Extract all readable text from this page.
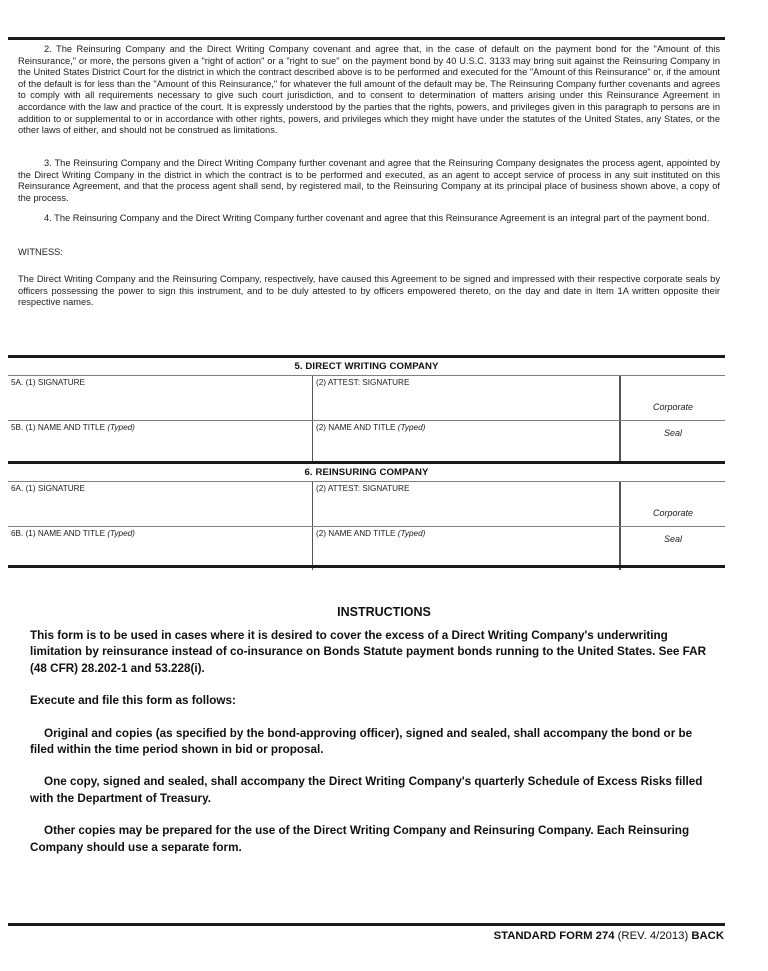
2. The Reinsuring Company and the Direct Writing Company covenant and agree that, in the case of default on the payment bond for the "Amount of this Reinsurance," or more, the persons given a "right of action" or a "right to sue" on the payment bond by 40 U.S.C. 3133 may bring suit against the Reinsuring Company in the United States District Court for the district in which the contract described above is to be performed and executed for the "Amount of this Reinsurance" or, if the amount of the default is for less than the "Amount of this Reinsurance," for whatever the full amount of the default may be. The Reinsuring Company further covenants and agrees to comply with all requirements necessary to give such court jurisdiction, and to consent to determination of matters arising under this Reinsurance Agreement in accordance with the law and practice of the court. It is expressly understood by the parties that the rights, powers, and privileges given in this paragraph to persons are in addition to or supplemental to or in accordance with other rights, powers, and privileges which they might have under the statutes of the United States, any States, or the other laws of either, and should not be construed as limitations.

3. The Reinsuring Company and the Direct Writing Company further covenant and agree that the Reinsuring Company designates the process agent, appointed by the Direct Writing Company in the district in which the contract is to be performed and executed, as an agent to accept service of process in any suit instituted on this Reinsurance Agreement, and that the process agent shall send, by registered mail, to the Reinsuring Company at its principal place of business shown above, a copy of the process.

4. The Reinsuring Company and the Direct Writing Company further covenant and agree that this Reinsurance Agreement is an integral part of the payment bond.

WITNESS:

The Direct Writing Company and the Reinsuring Company, respectively, have caused this Agreement to be signed and impressed with their respective corporate seals by officers possessing the power to sign this instrument, and to be duly attested to by officers empowered thereto, on the day and date in Item 1A written opposite their respective names.

5. DIRECT WRITING COMPANY
Corporate
Seal
5A. (1) SIGNATURE	(2) ATTEST: SIGNATURE
5B. (1) NAME AND TITLE (Typed)	(2) NAME AND TITLE (Typed)
6. REINSURING COMPANY
Corporate
Seal
6A. (1) SIGNATURE	(2) ATTEST: SIGNATURE
6B. (1) NAME AND TITLE (Typed)	(2) NAME AND TITLE (Typed)
INSTRUCTIONS

This form is to be used in cases where it is desired to cover the excess of a Direct Writing Company's underwriting limitation by reinsurance instead of co-insurance on Bonds Statute payment bonds running to the United States. See FAR (48 CFR) 28.202-1 and 53.228(i).

Execute and file this form as follows:

Original and copies (as specified by the bond-approving officer), signed and sealed, shall accompany the bond or be filed within the time period shown in bid or proposal.

One copy, signed and sealed, shall accompany the Direct Writing Company's quarterly Schedule of Excess Risks filled with the Department of Treasury.

Other copies may be prepared for the use of the Direct Writing Company and Reinsuring Company. Each Reinsuring Company should use a separate form.

STANDARD FORM 274 (REV. 4/2013) BACK
